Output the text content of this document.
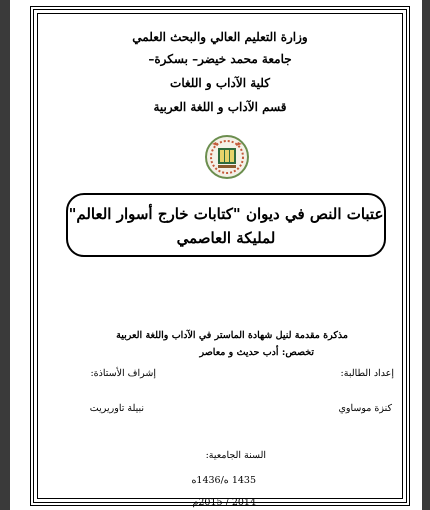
وزارة التعليم العالي والبحث العلمي
جامعة محمد خيضر– بسكرة–
كلية الآداب و اللغات
قسم الآداب و اللغة العربية
عتبات النص في ديوان "كتابات خارج أسوار العالم"
لمليكة العاصمي
مذكرة مقدمة لنيل شهادة الماستر في الآداب واللغة العربية
تخصص: أدب حديث و معاصر
إعداد الطالبة:
إشراف الأستاذة:
كنزة موساوي
نبيلة تاوريريت
السنة الجامعية:
1435 ه/1436ه
2014 / 2015م
